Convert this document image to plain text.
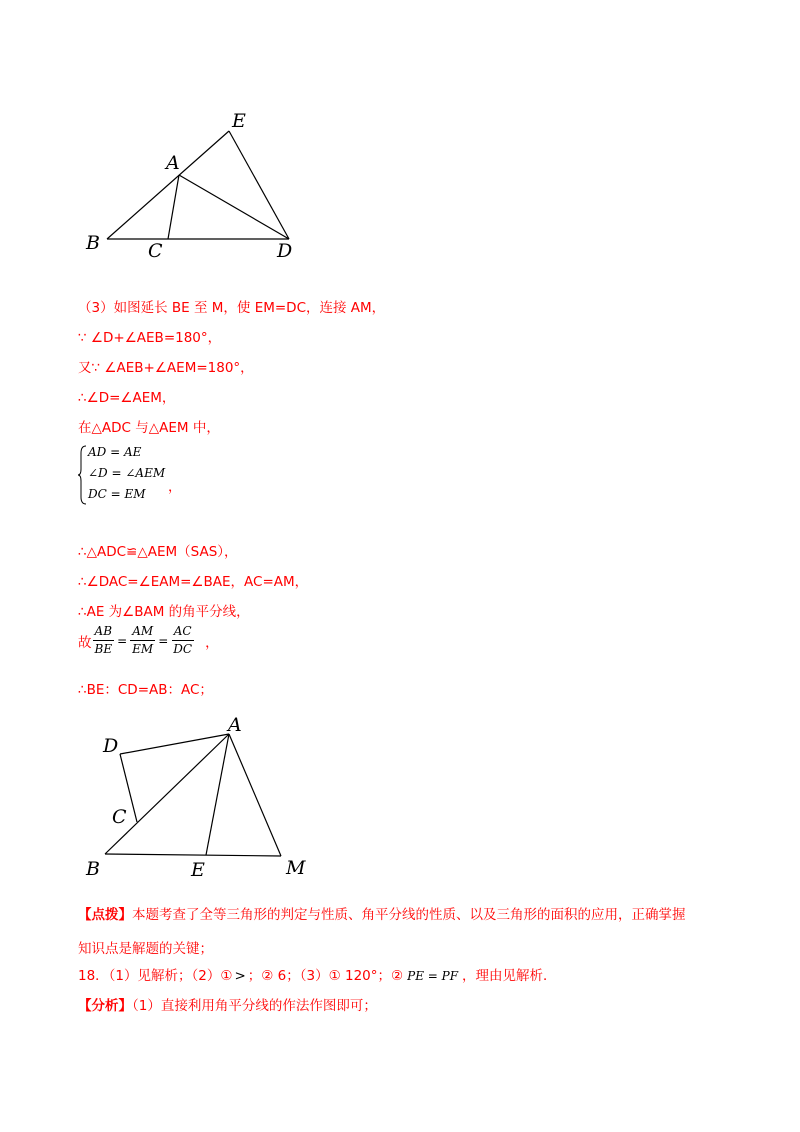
E
A
B	C	D
（3）如图延长 BE 至 M，使 EM=DC，连接 AM，
∵ ∠D+∠AEB=180°，
又∵ ∠AEB+∠AEM=180°，
∴∠D=∠AEM，
在△ADC 与△AEM 中，
AD = AE
∠D = ∠AEM
DC = EM ，
∴△ADC≌△AEM（SAS），
∴∠DAC=∠EAM=∠BAE，AC=AM，
∴AE 为∠BAM 的角平分线，
故 $\frac{AB}{BE} = \frac{AM}{EM} = \frac{AC}{DC}$ ，
∴BE：CD=AB：AC；
A
D
C
B	E	M
【点拨】本题考查了全等三角形的判定与性质、角平分线的性质、以及三角形的面积的应用，正确掌握
知识点是解题的关键；
18．（1）见解析；（2）① > ；② 6；（3）① 120°；② PE = PF ，理由见解析．
【分析】（1）直接利用角平分线的作法作图即可；
